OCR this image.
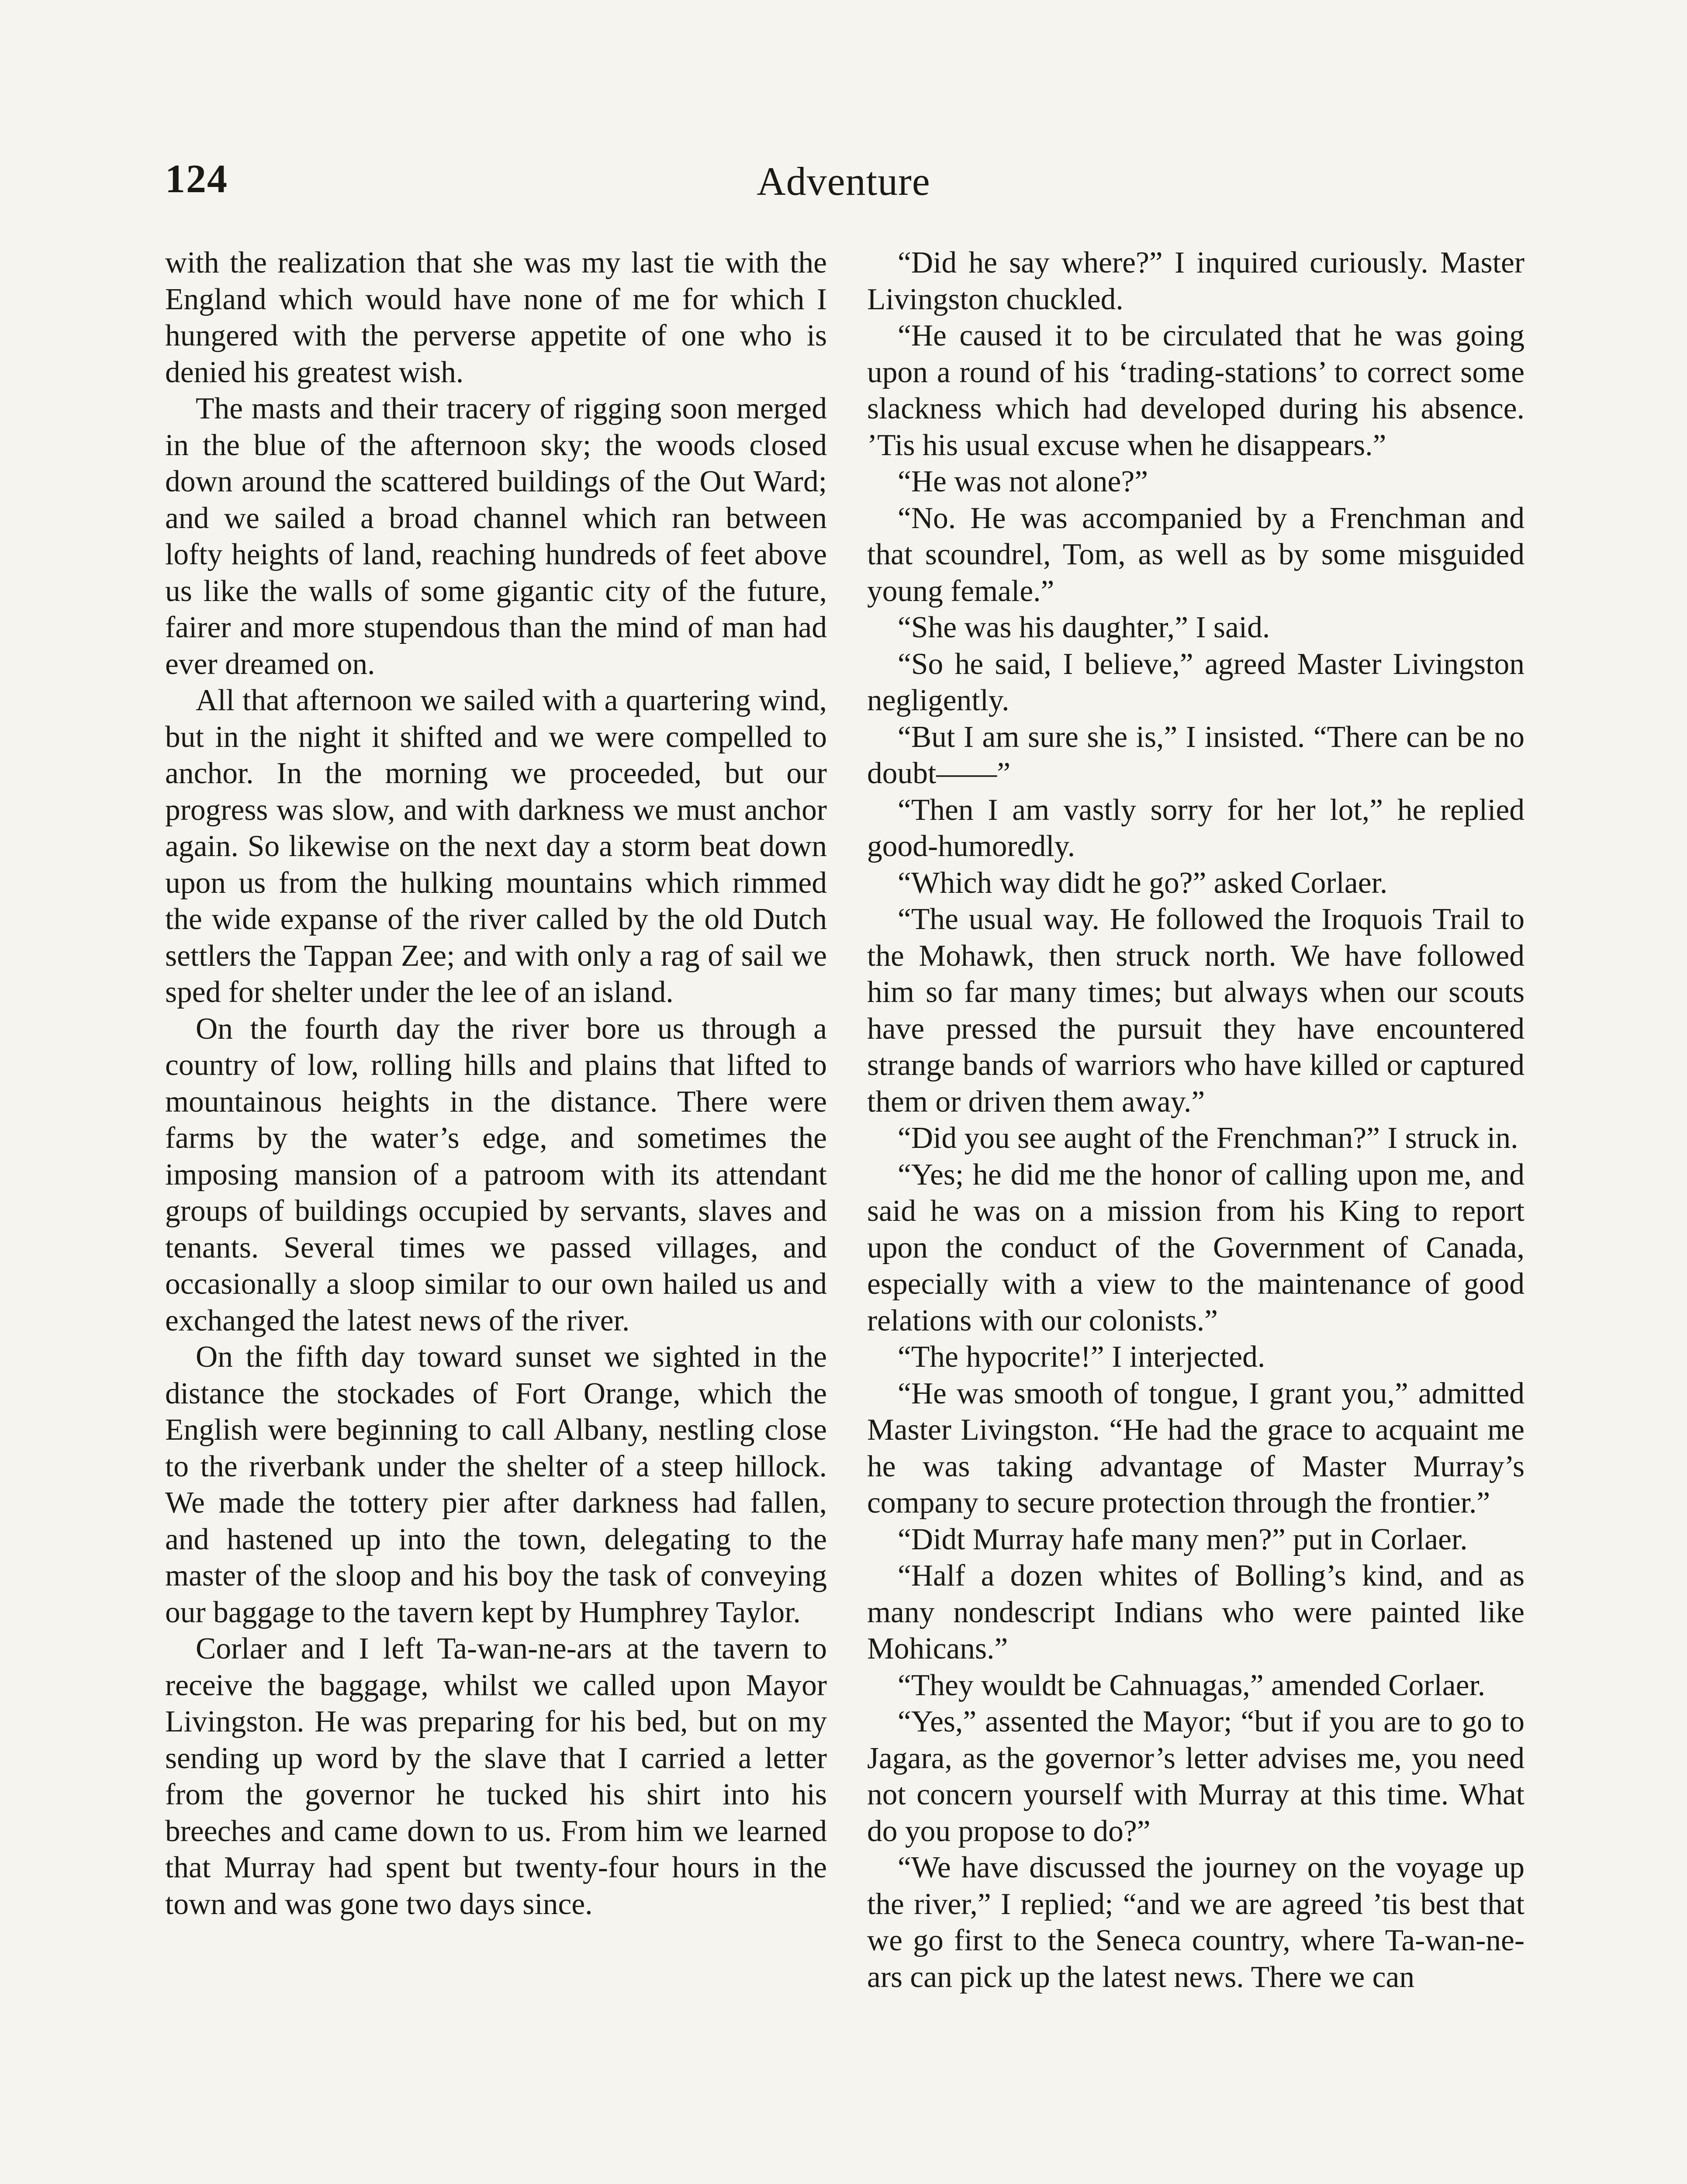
124	Adventure

with the realization that she was my last tie with the England which would have none of me for which I hungered with the perverse appetite of one who is denied his greatest wish.

The masts and their tracery of rigging soon merged in the blue of the afternoon sky; the woods closed down around the scattered buildings of the Out Ward; and we sailed a broad channel which ran between lofty heights of land, reaching hundreds of feet above us like the walls of some gigantic city of the future, fairer and more stupendous than the mind of man had ever dreamed on.

All that afternoon we sailed with a quartering wind, but in the night it shifted and we were compelled to anchor. In the morning we proceeded, but our progress was slow, and with darkness we must anchor again. So likewise on the next day a storm beat down upon us from the hulking mountains which rimmed the wide expanse of the river called by the old Dutch settlers the Tappan Zee; and with only a rag of sail we sped for shelter under the lee of an island.

On the fourth day the river bore us through a country of low, rolling hills and plains that lifted to mountainous heights in the distance. There were farms by the water’s edge, and sometimes the imposing mansion of a patroom with its attendant groups of buildings occupied by servants, slaves and tenants. Several times we passed villages, and occasionally a sloop similar to our own hailed us and exchanged the latest news of the river.

On the fifth day toward sunset we sighted in the distance the stockades of Fort Orange, which the English were beginning to call Albany, nestling close to the riverbank under the shelter of a steep hillock. We made the tottery pier after darkness had fallen, and hastened up into the town, delegating to the master of the sloop and his boy the task of conveying our baggage to the tavern kept by Humphrey Taylor.

Corlaer and I left Ta-wan-ne-ars at the tavern to receive the baggage, whilst we called upon Mayor Livingston. He was preparing for his bed, but on my sending up word by the slave that I carried a letter from the governor he tucked his shirt into his breeches and came down to us. From him we learned that Murray had spent but twenty-four hours in the town and was gone two days since.

“Did he say where?” I inquired curiously. Master Livingston chuckled.

“He caused it to be circulated that he was going upon a round of his ‘trading-stations’ to correct some slackness which had developed during his absence. ’Tis his usual excuse when he disappears.”

“He was not alone?”

“No. He was accompanied by a Frenchman and that scoundrel, Tom, as well as by some misguided young female.”

“She was his daughter,” I said.

“So he said, I believe,” agreed Master Livingston negligently.

“But I am sure she is,” I insisted. “There can be no doubt——”

“Then I am vastly sorry for her lot,” he replied good-humoredly.

“Which way didt he go?” asked Corlaer.

“The usual way. He followed the Iroquois Trail to the Mohawk, then struck north. We have followed him so far many times; but always when our scouts have pressed the pursuit they have encountered strange bands of warriors who have killed or captured them or driven them away.”

“Did you see aught of the Frenchman?” I struck in.

“Yes; he did me the honor of calling upon me, and said he was on a mission from his King to report upon the conduct of the Government of Canada, especially with a view to the maintenance of good relations with our colonists.”

“The hypocrite!” I interjected.

“He was smooth of tongue, I grant you,” admitted Master Livingston. “He had the grace to acquaint me he was taking advantage of Master Murray’s company to secure protection through the frontier.”

“Didt Murray hafe many men?” put in Corlaer.

“Half a dozen whites of Bolling’s kind, and as many nondescript Indians who were painted like Mohicans.”

“They wouldt be Cahnuagas,” amended Corlaer.

“Yes,” assented the Mayor; “but if you are to go to Jagara, as the governor’s letter advises me, you need not concern yourself with Murray at this time. What do you propose to do?”

“We have discussed the journey on the voyage up the river,” I replied; “and we are agreed ’tis best that we go first to the Seneca country, where Ta-wan-ne-ars can pick up the latest news. There we can
